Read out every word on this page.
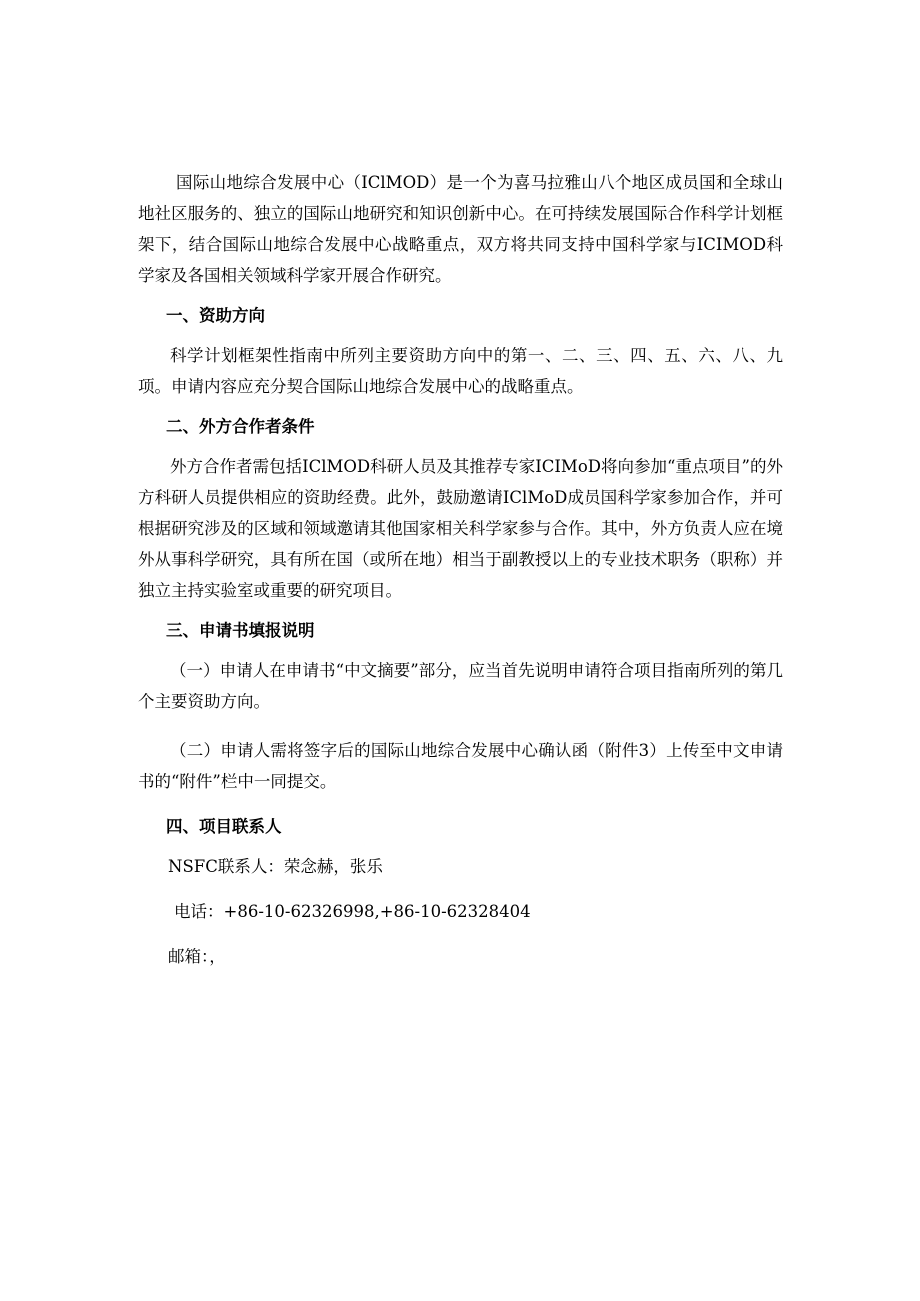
国际山地综合发展中心（IClMOD）是一个为喜马拉雅山八个地区成员国和全球山地社区服务的、独立的国际山地研究和知识创新中心。在可持续发展国际合作科学计划框架下，结合国际山地综合发展中心战略重点，双方将共同支持中国科学家与ICIMOD科学家及各国相关领域科学家开展合作研究。

一、资助方向

科学计划框架性指南中所列主要资助方向中的第一、二、三、四、五、六、八、九项。申请内容应充分契合国际山地综合发展中心的战略重点。

二、外方合作者条件

外方合作者需包括IClMOD科研人员及其推荐专家ICIMoD将向参加“重点项目”的外方科研人员提供相应的资助经费。此外，鼓励邀请IClMoD成员国科学家参加合作，并可根据研究涉及的区域和领域邀请其他国家相关科学家参与合作。其中，外方负责人应在境外从事科学研究，具有所在国（或所在地）相当于副教授以上的专业技术职务（职称）并独立主持实验室或重要的研究项目。

三、申请书填报说明

（一）申请人在申请书“中文摘要”部分，应当首先说明申请符合项目指南所列的第几个主要资助方向。

（二）申请人需将签字后的国际山地综合发展中心确认函（附件3）上传至中文申请书的“附件”栏中一同提交。

四、项目联系人

NSFC联系人：荣念赫，张乐

电话：+86-10-62326998,+86-10-62328404

邮箱：，
